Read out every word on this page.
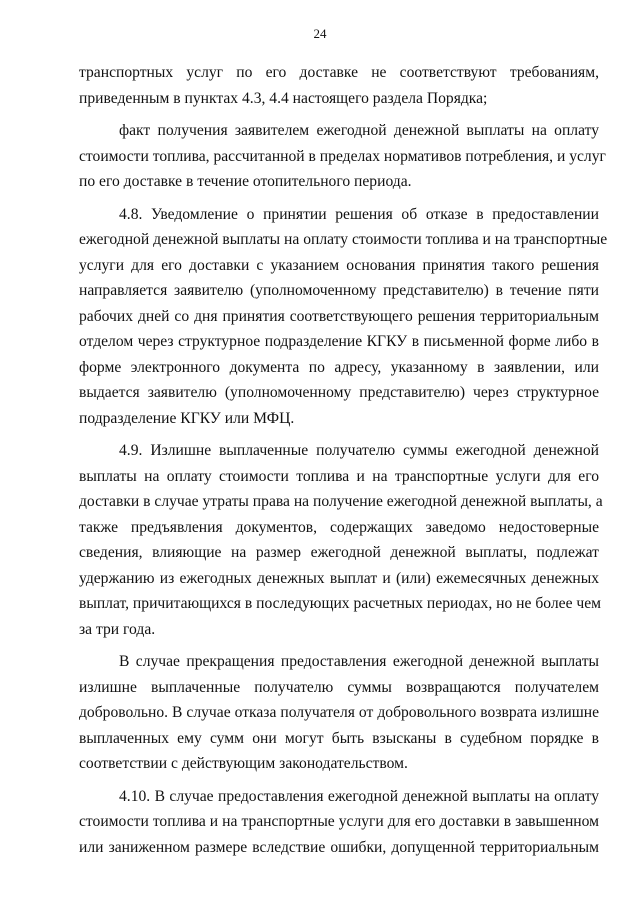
24
транспортных услуг по его доставке не соответствуют требованиям,
приведенным в пунктах 4.3, 4.4 настоящего раздела Порядка;
факт получения заявителем ежегодной денежной выплаты на оплату
стоимости топлива, рассчитанной в пределах нормативов потребления, и услуг
по его доставке в течение отопительного периода.
4.8. Уведомление о принятии решения об отказе в предоставлении
ежегодной денежной выплаты на оплату стоимости топлива и на транспортные
услуги для его доставки с указанием основания принятия такого решения
направляется заявителю (уполномоченному представителю) в течение пяти
рабочих дней со дня принятия соответствующего решения территориальным
отделом через структурное подразделение КГКУ в письменной форме либо в
форме электронного документа по адресу, указанному в заявлении, или
выдается заявителю (уполномоченному представителю) через структурное
подразделение КГКУ или МФЦ.
4.9. Излишне выплаченные получателю суммы ежегодной денежной
выплаты на оплату стоимости топлива и на транспортные услуги для его
доставки в случае утраты права на получение ежегодной денежной выплаты, а
также предъявления документов, содержащих заведомо недостоверные
сведения, влияющие на размер ежегодной денежной выплаты, подлежат
удержанию из ежегодных денежных выплат и (или) ежемесячных денежных
выплат, причитающихся в последующих расчетных периодах, но не более чем
за три года.
В случае прекращения предоставления ежегодной денежной выплаты
излишне выплаченные получателю суммы возвращаются получателем
добровольно. В случае отказа получателя от добровольного возврата излишне
выплаченных ему сумм они могут быть взысканы в судебном порядке в
соответствии с действующим законодательством.
4.10. В случае предоставления ежегодной денежной выплаты на оплату
стоимости топлива и на транспортные услуги для его доставки в завышенном
или заниженном размере вследствие ошибки, допущенной территориальным
